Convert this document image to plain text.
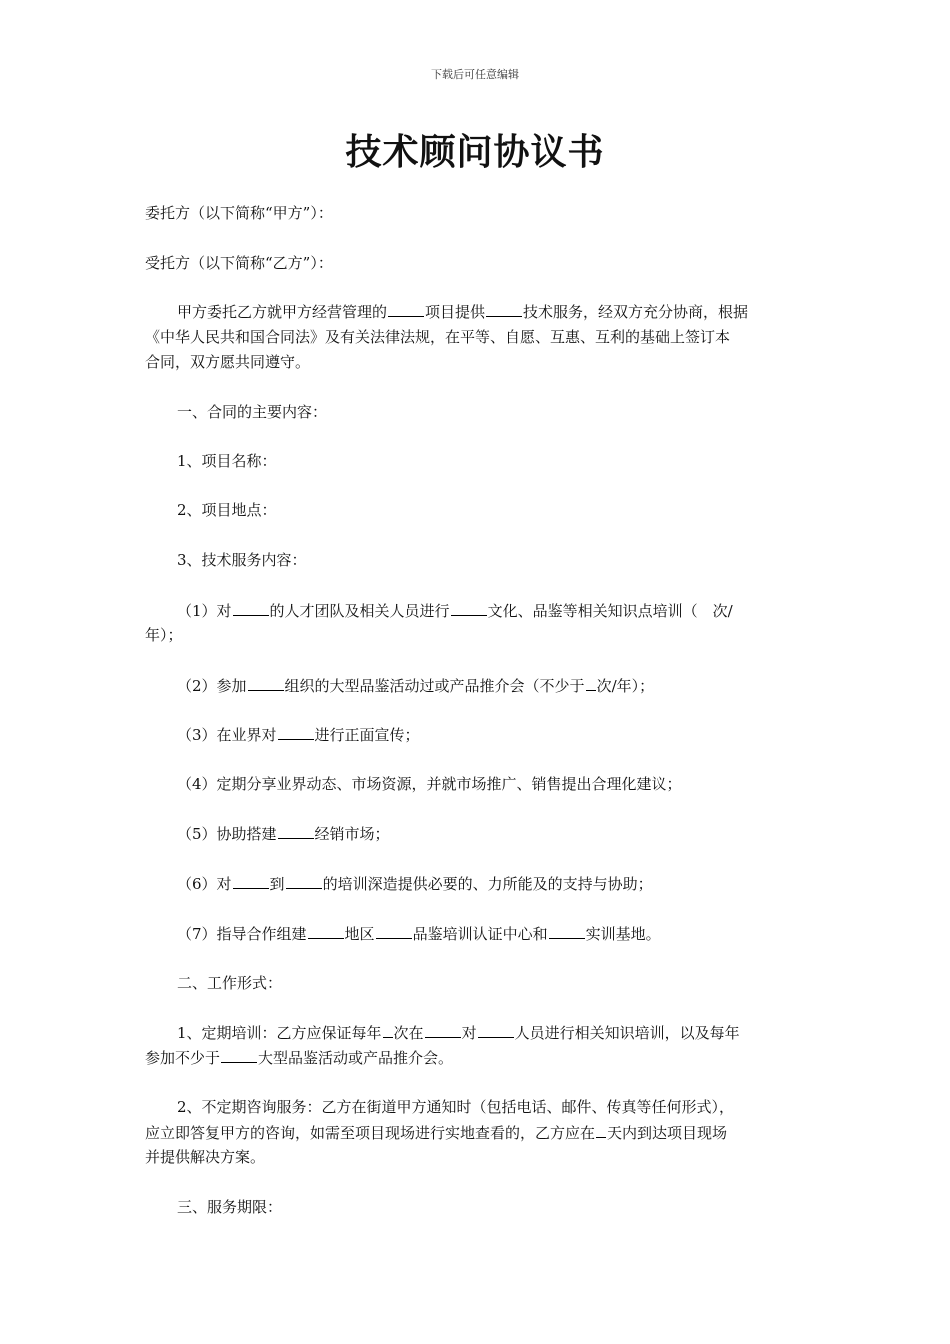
下载后可任意编辑
技术顾问协议书
委托方（以下简称“甲方”）：
受托方（以下简称“乙方”）：
甲方委托乙方就甲方经营管理的	项目提供	技术服务，经双方充分协商，根据
《中华人民共和国合同法》及有关法律法规，在平等、自愿、互惠、互利的基础上签订本
合同，双方愿共同遵守。
一、合同的主要内容：
1、项目名称：
2、项目地点：
3、技术服务内容：
（1）对	的人才团队及相关人员进行	文化、品鉴等相关知识点培训（　次/
年）；
（2）参加	组织的大型品鉴活动过或产品推介会（不少于 次/年）；
（3）在业界对	进行正面宣传；
（4）定期分享业界动态、市场资源，并就市场推广、销售提出合理化建议；
（5）协助搭建	经销市场；
（6）对	到	的培训深造提供必要的、力所能及的支持与协助；
（7）指导合作组建	地区	品鉴培训认证中心和	实训基地。
二、工作形式：
1、定期培训：乙方应保证每年 次在	对	人员进行相关知识培训，以及每年
参加不少于	大型品鉴活动或产品推介会。
2、不定期咨询服务：乙方在街道甲方通知时（包括电话、邮件、传真等任何形式），
应立即答复甲方的咨询，如需至项目现场进行实地查看的，乙方应在 天内到达项目现场
并提供解决方案。
三、服务期限：
